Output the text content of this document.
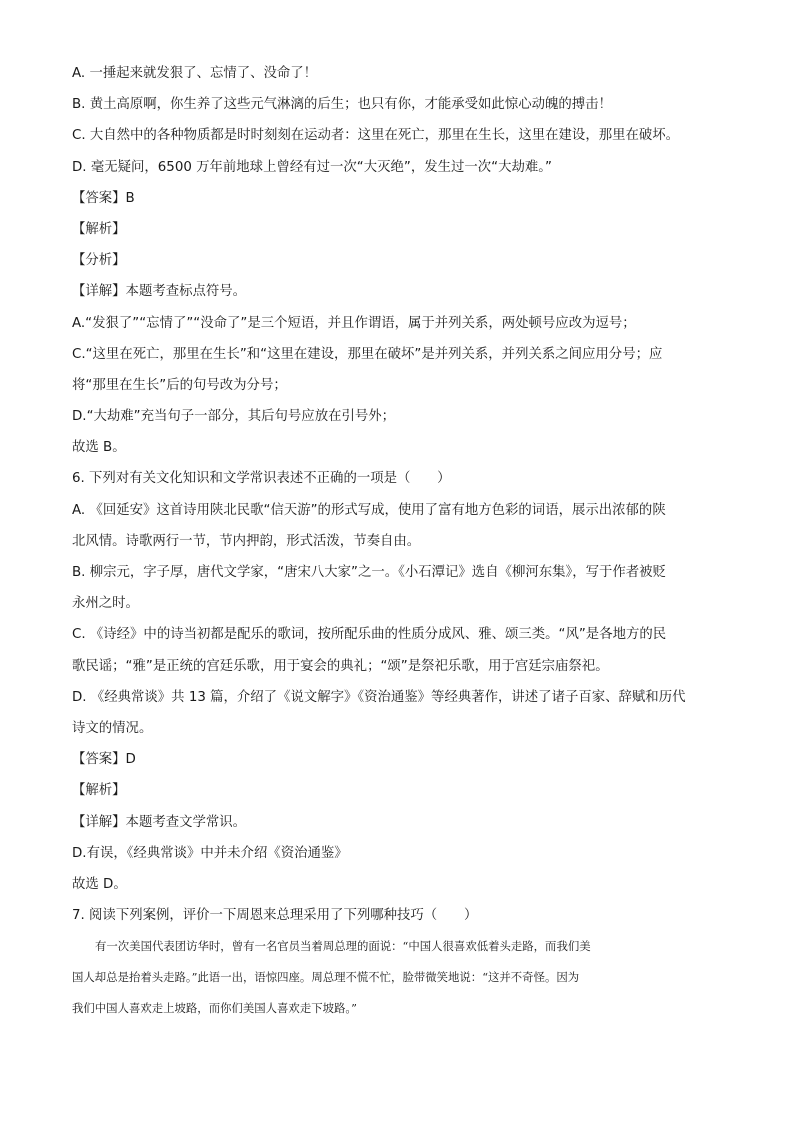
A. 一捶起来就发狠了、忘情了、没命了！

B. 黄土高原啊，你生养了这些元气淋漓的后生；也只有你，才能承受如此惊心动魄的搏击！

C. 大自然中的各种物质都是时时刻刻在运动者：这里在死亡，那里在生长，这里在建设，那里在破坏。

D. 毫无疑问，6500 万年前地球上曾经有过一次“大灭绝”，发生过一次“大劫难。”

【答案】B

【解析】

【分析】

【详解】本题考查标点符号。

A.“发狠了”“忘情了”“没命了”是三个短语，并且作谓语，属于并列关系，两处顿号应改为逗号；

C.“这里在死亡，那里在生长”和“这里在建设，那里在破坏”是并列关系，并列关系之间应用分号；应

将“那里在生长”后的句号改为分号；

D.“大劫难”充当句子一部分，其后句号应放在引号外；

故选 B。

6. 下列对有关文化知识和文学常识表述不正确的一项是（　　）

A. 《回延安》这首诗用陕北民歌“信天游”的形式写成，使用了富有地方色彩的词语，展示出浓郁的陕

北风情。诗歌两行一节，节内押韵，形式活泼，节奏自由。

B. 柳宗元，字子厚，唐代文学家，“唐宋八大家”之一。《小石潭记》选自《柳河东集》，写于作者被贬

永州之时。

C. 《诗经》中的诗当初都是配乐的歌词，按所配乐曲的性质分成风、雅、颂三类。“风”是各地方的民

歌民谣；“雅”是正统的宫廷乐歌，用于宴会的典礼；“颂”是祭祀乐歌，用于宫廷宗庙祭祀。

D. 《经典常谈》共 13 篇，介绍了《说文解字》《资治通鉴》等经典著作，讲述了诸子百家、辞赋和历代

诗文的情况。

【答案】D

【解析】

【详解】本题考查文学常识。

D.有误，《经典常谈》中并未介绍《资治通鉴》

故选 D。

7. 阅读下列案例，评价一下周恩来总理采用了下列哪种技巧（　　）

有一次美国代表团访华时，曾有一名官员当着周总理的面说：“中国人很喜欢低着头走路，而我们美

国人却总是抬着头走路。”此语一出，语惊四座。周总理不慌不忙，脸带微笑地说：“这并不奇怪。因为

我们中国人喜欢走上坡路，而你们美国人喜欢走下坡路。”
